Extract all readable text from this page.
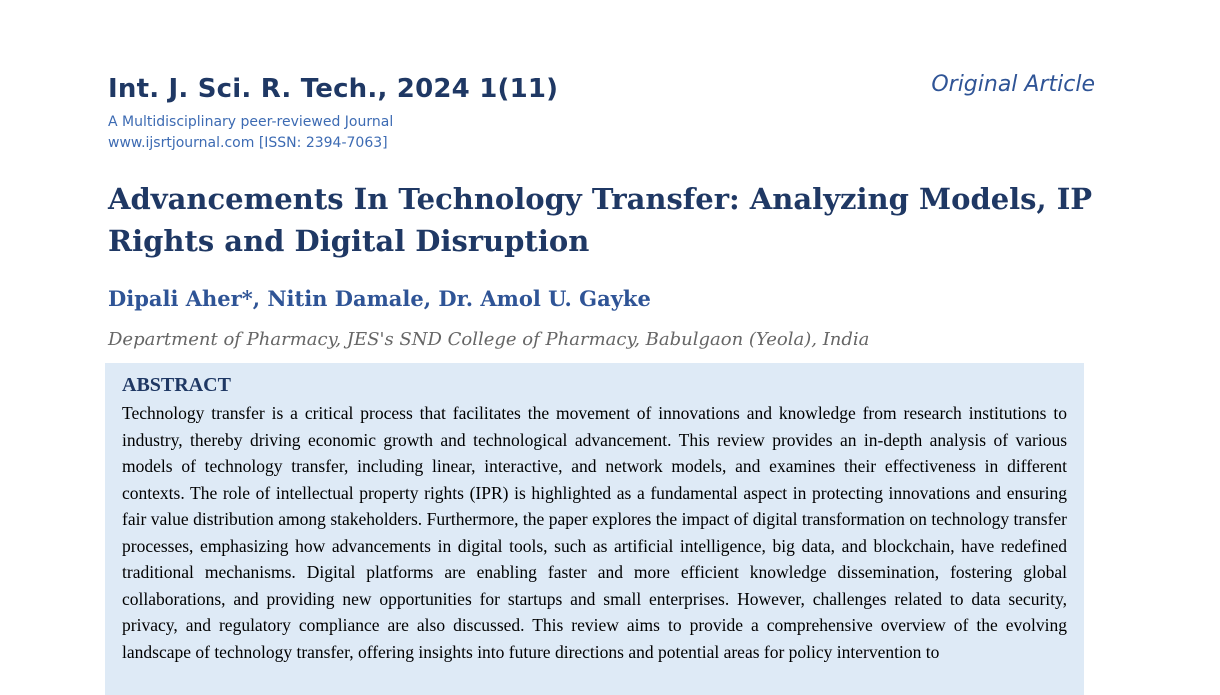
Int. J. Sci. R. Tech., 2024 1(11)	Original Article
A Multidisciplinary peer-reviewed Journal
www.ijsrtjournal.com [ISSN: 2394-7063]
Advancements In Technology Transfer: Analyzing Models, IP Rights and Digital Disruption
Dipali Aher*, Nitin Damale, Dr. Amol U. Gayke
Department of Pharmacy, JES's SND College of Pharmacy, Babulgaon (Yeola), India
ABSTRACT

Technology transfer is a critical process that facilitates the movement of innovations and knowledge from research institutions to industry, thereby driving economic growth and technological advancement. This review provides an in-depth analysis of various models of technology transfer, including linear, interactive, and network models, and examines their effectiveness in different contexts. The role of intellectual property rights (IPR) is highlighted as a fundamental aspect in protecting innovations and ensuring fair value distribution among stakeholders. Furthermore, the paper explores the impact of digital transformation on technology transfer processes, emphasizing how advancements in digital tools, such as artificial intelligence, big data, and blockchain, have redefined traditional mechanisms. Digital platforms are enabling faster and more efficient knowledge dissemination, fostering global collaborations, and providing new opportunities for startups and small enterprises. However, challenges related to data security, privacy, and regulatory compliance are also discussed. This review aims to provide a comprehensive overview of the evolving landscape of technology transfer, offering insights into future directions and potential areas for policy intervention to
